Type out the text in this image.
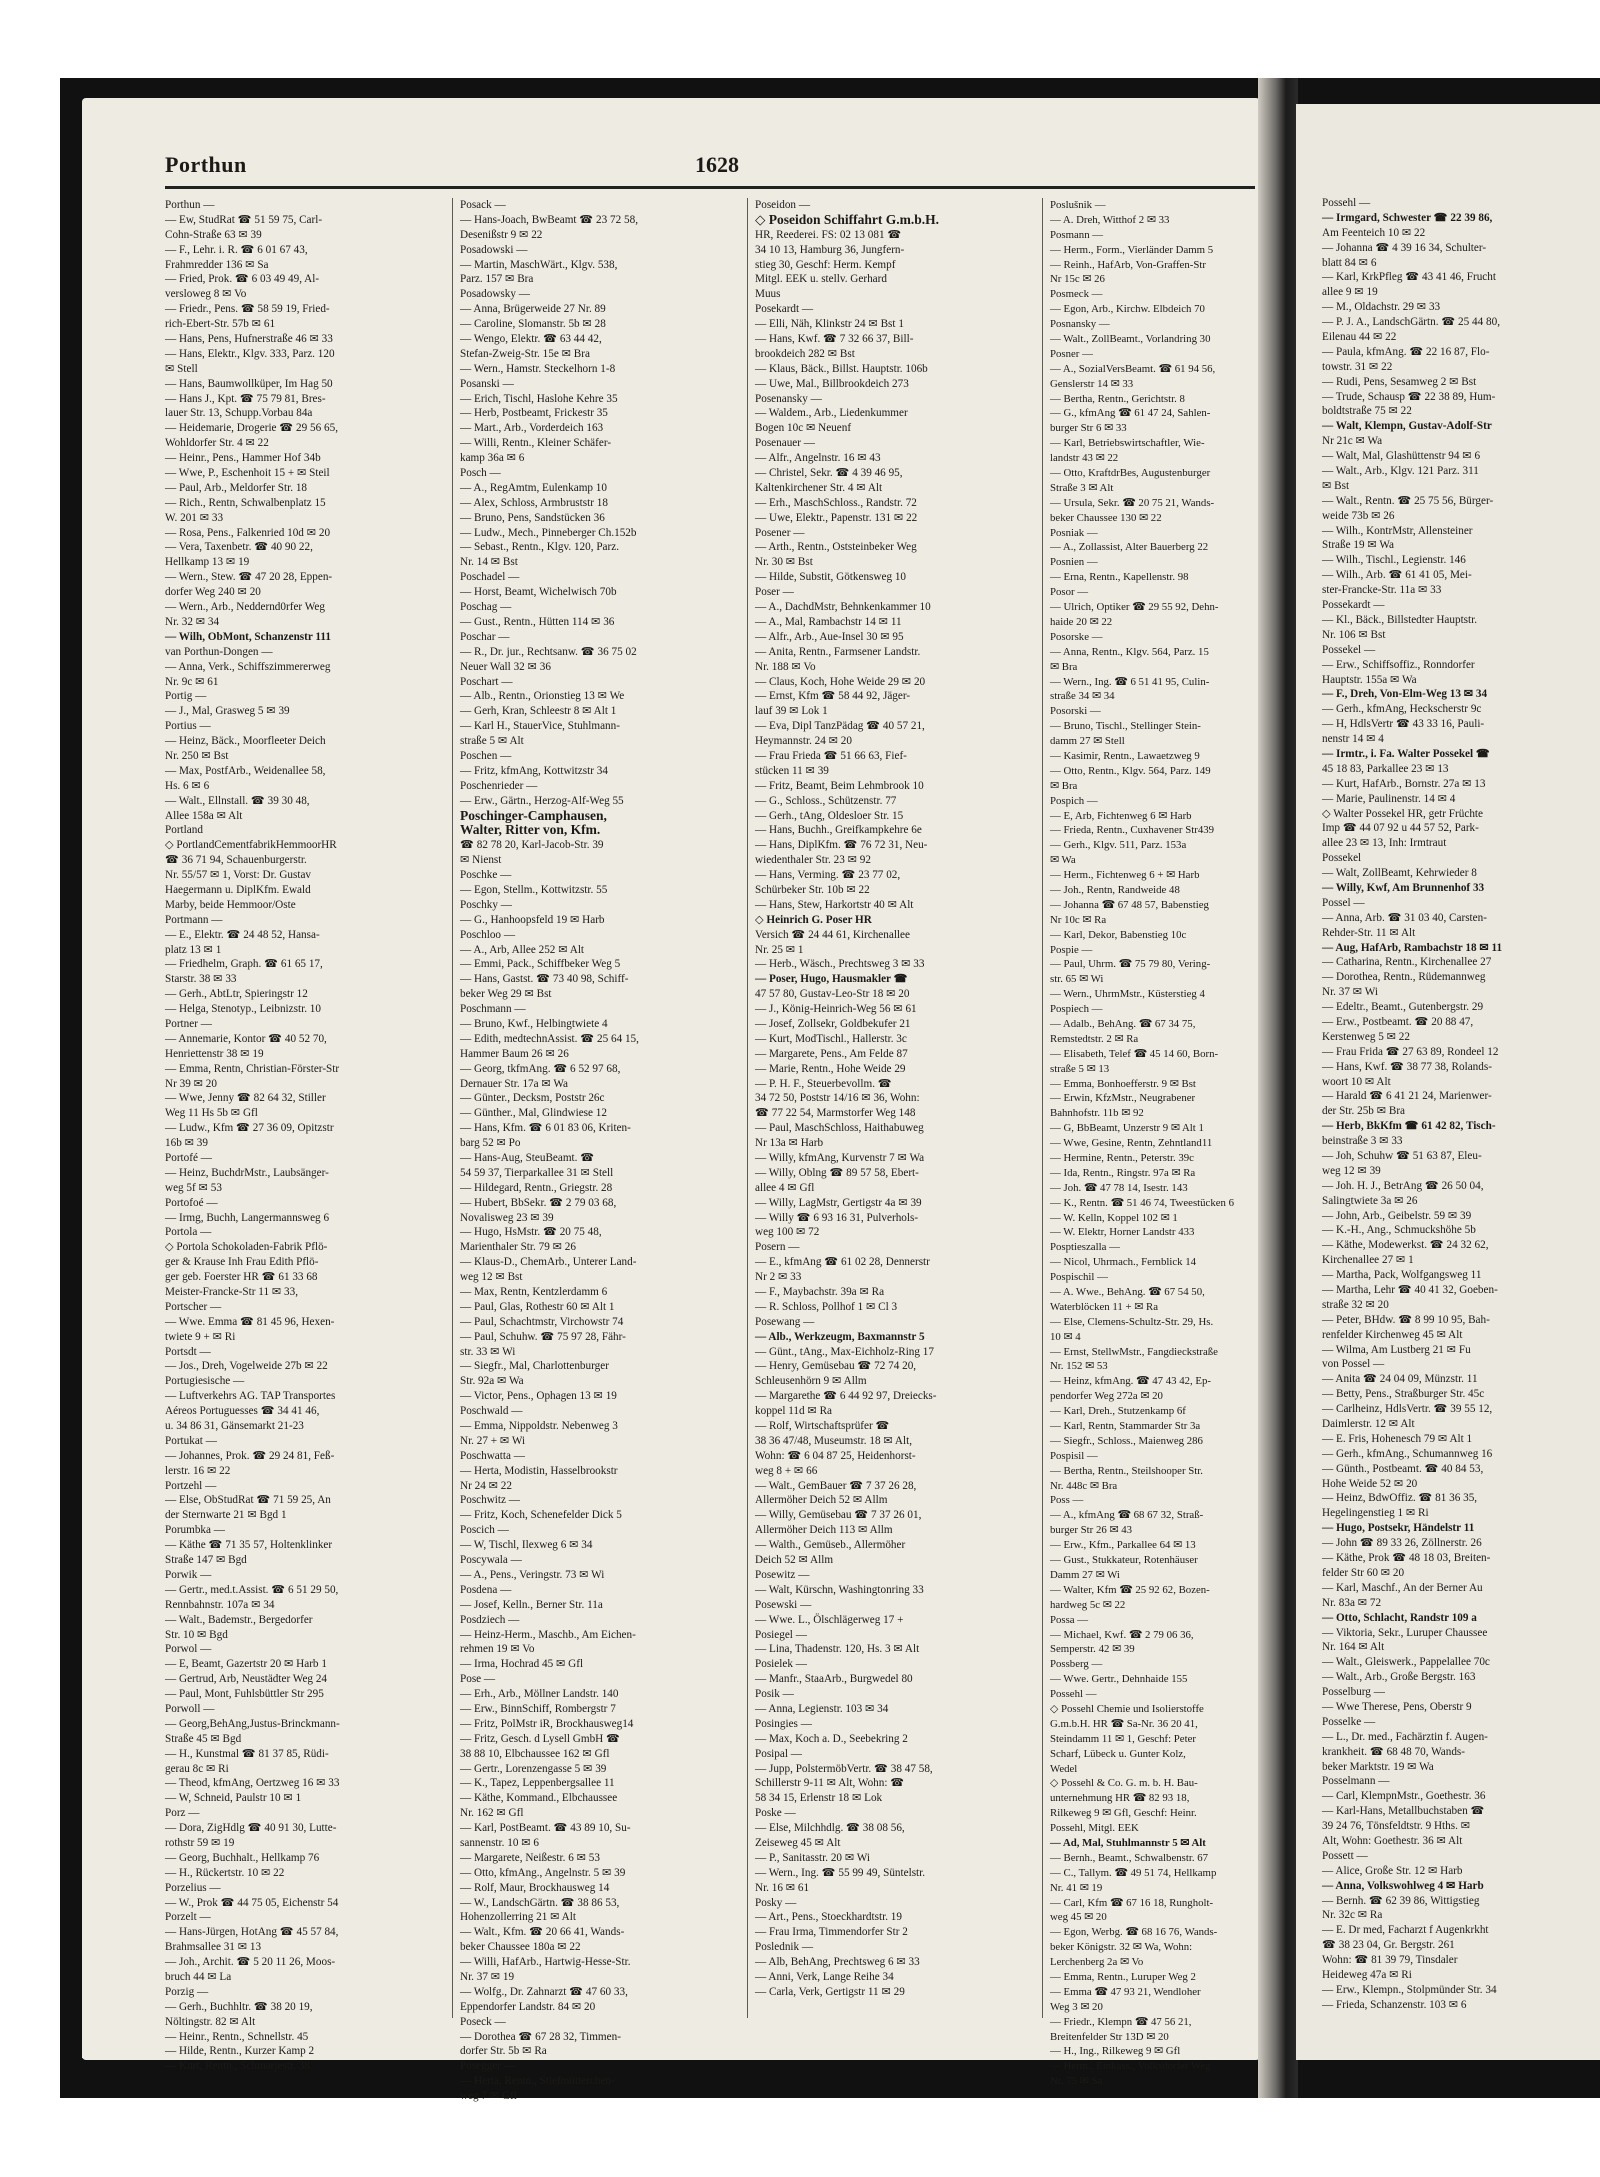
Porthun	1628
Porthun —
— Ew, StudRat ☎ 51 59 75, Carl-
Cohn-Straße 63 ✉ 39
— F., Lehr. i. R. ☎ 6 01 67 43,
Frahmredder 136 ✉ Sa
— Fried, Prok. ☎ 6 03 49 49, Al-
versloweg 8 ✉ Vo
— Friedr., Pens. ☎ 58 59 19, Fried-
rich-Ebert-Str. 57b ✉ 61
— Hans, Pens, Hufnerstraße 46 ✉ 33
— Hans, Elektr., Klgv. 333, Parz. 120
✉ Stell
— Hans, Baumwollküper, Im Hag 50
— Hans J., Kpt. ☎ 75 79 81, Bres-
lauer Str. 13, Schupp.Vorbau 84a
— Heidemarie, Drogerie ☎ 29 56 65,
Wohldorfer Str. 4 ✉ 22
— Heinr., Pens., Hammer Hof 34b
— Wwe, P., Eschenhoit 15 + ✉ Steil
— Paul, Arb., Meldorfer Str. 18
— Rich., Rentn, Schwalbenplatz 15
W. 201 ✉ 33
— Rosa, Pens., Falkenried 10d ✉ 20
— Vera, Taxenbetr. ☎ 40 90 22,
Hellkamp 13 ✉ 19
— Wern., Stew. ☎ 47 20 28, Eppen-
dorfer Weg 240 ✉ 20
— Wern., Arb., Neddernd0rfer Weg
Nr. 32 ✉ 34
— Wilh, ObMont, Schanzenstr 111
van Porthun-Dongen —
— Anna, Verk., Schiffszimmererweg
Nr. 9c ✉ 61
Portig —
— J., Mal, Grasweg 5 ✉ 39
Portius —
— Heinz, Bäck., Moorfleeter Deich
Nr. 250 ✉ Bst
— Max, PostfArb., Weidenallee 58,
Hs. 6 ✉ 6
— Walt., Ellnstall. ☎ 39 30 48,
Allee 158a ✉ Alt
Portland
◇ PortlandCementfabrikHemmoorHR
☎ 36 71 94, Schauenburgerstr.
Nr. 55/57 ✉ 1, Vorst: Dr. Gustav
Haegermann u. DiplKfm. Ewald
Marby, beide Hemmoor/Oste
Portmann —
— E., Elektr. ☎ 24 48 52, Hansa-
platz 13 ✉ 1
— Friedhelm, Graph. ☎ 61 65 17,
Starstr. 38 ✉ 33
— Gerh., AbtLtr, Spieringstr 12
— Helga, Stenotyp., Leibnizstr. 10
Portner —
— Annemarie, Kontor ☎ 40 52 70,
Henriettenstr 38 ✉ 19
— Emma, Rentn, Christian-Förster-Str
Nr 39 ✉ 20
— Wwe, Jenny ☎ 82 64 32, Stiller
Weg 11 Hs 5b ✉ Gfl
— Ludw., Kfm ☎ 27 36 09, Opitzstr
16b ✉ 39
Portofé —
— Heinz, BuchdrMstr., Laubsänger-
weg 5f ✉ 53
Portofoé —
— Irmg, Buchh, Langermannsweg 6
Portola —
◇ Portola Schokoladen-Fabrik Pflö-
ger & Krause Inh Frau Edith Pflö-
ger geb. Foerster HR ☎ 61 33 68
Meister-Francke-Str 11 ✉ 33,
Portscher —
— Wwe. Emma ☎ 81 45 96, Hexen-
twiete 9 + ✉ Ri
Portsdt —
— Jos., Dreh, Vogelweide 27b ✉ 22
Portugiesische —
— Luftverkehrs AG. TAP Transportes
Aéreos Portuguesses ☎ 34 41 46,
u. 34 86 31, Gänsemarkt 21-23
Portukat —
— Johannes, Prok. ☎ 29 24 81, Feß-
lerstr. 16 ✉ 22
Portzehl —
— Else, ObStudRat ☎ 71 59 25, An
der Sternwarte 21 ✉ Bgd 1
Porumbka —
— Käthe ☎ 71 35 57, Holtenklinker
Straße 147 ✉ Bgd
Porwik —
— Gertr., med.t.Assist. ☎ 6 51 29 50,
Rennbahnstr. 107a ✉ 34
— Walt., Bademstr., Bergedorfer
Str. 10 ✉ Bgd
Porwol —
— E, Beamt, Gazertstr 20 ✉ Harb 1
— Gertrud, Arb, Neustädter Weg 24
— Paul, Mont, Fuhlsbüttler Str 295
Porwoll —
— Georg,BehAng,Justus-Brinckmann-
Straße 45 ✉ Bgd
— H., Kunstmal ☎ 81 37 85, Rüdi-
gerau 8c ✉ Ri
— Theod, kfmAng, Oertzweg 16 ✉ 33
— W, Schneid, Paulstr 10 ✉ 1
Porz —
— Dora, ZigHdlg ☎ 40 91 30, Lutte-
rothstr 59 ✉ 19
— Georg, Buchhalt., Hellkamp 76
— H., Rückertstr. 10 ✉ 22
Porzelius —
— W., Prok ☎ 44 75 05, Eichenstr 54
Porzelt —
— Hans-Jürgen, HotAng ☎ 45 57 84,
Brahmsallee 31 ✉ 13
— Joh., Archit. ☎ 5 20 11 26, Moos-
bruch 44 ✉ La
Porzig —
— Gerh., Buchhltr. ☎ 38 20 19,
Nöltingstr. 82 ✉ Alt
— Heinr., Rentn., Schnellstr. 45
— Hilde, Rentn., Kurzer Kamp 2
— Kurt, Rentn., Schmarjestr. 38
Posack —
— Hans-Joach, BwBeamt ☎ 23 72 58,
Desenißstr 9 ✉ 22
Posadowski —
— Martin, MaschWärt., Klgv. 538,
Parz. 157 ✉ Bra
Posadowsky —
— Anna, Brügerweide 27 Nr. 89
— Caroline, Slomanstr. 5b ✉ 28
— Wengo, Elektr. ☎ 63 44 42,
Stefan-Zweig-Str. 15e ✉ Bra
— Wern., Hamstr. Steckelhorn 1-8
Posanski —
— Erich, Tischl, Haslohe Kehre 35
— Herb, Postbeamt, Frickestr 35
— Mart., Arb., Vorderdeich 163
— Willi, Rentn., Kleiner Schäfer-
kamp 36a ✉ 6
Posch —
— A., RegAmtm, Eulenkamp 10
— Alex, Schloss, Armbruststr 18
— Bruno, Pens, Sandstücken 36
— Ludw., Mech., Pinneberger Ch.152b
— Sebast., Rentn., Klgv. 120, Parz.
Nr. 14 ✉ Bst
Poschadel —
— Horst, Beamt, Wichelwisch 70b
Poschag —
— Gust., Rentn., Hütten 114 ✉ 36
Poschar —
— R., Dr. jur., Rechtsanw. ☎ 36 75 02
Neuer Wall 32 ✉ 36
Poschart —
— Alb., Rentn., Orionstieg 13 ✉ We
— Gerh, Kran, Schleestr 8 ✉ Alt 1
— Karl H., StauerVice, Stuhlmann-
straße 5 ✉ Alt
Poschen —
— Fritz, kfmAng, Kottwitzstr 34
Poschenrieder —
— Erw., Gärtn., Herzog-Alf-Weg 55
Poschinger-Camphausen,
Walter, Ritter von, Kfm.
☎ 82 78 20, Karl-Jacob-Str. 39
✉ Nienst
Poschke —
— Egon, Stellm., Kottwitzstr. 55
Poschky —
— G., Hanhoopsfeld 19 ✉ Harb
Poschloo —
— A., Arb, Allee 252 ✉ Alt
— Emmi, Pack., Schiffbeker Weg 5
— Hans, Gastst. ☎ 73 40 98, Schiff-
beker Weg 29 ✉ Bst
Poschmann —
— Bruno, Kwf., Helbingtwiete 4
— Edith, medtechnAssist. ☎ 25 64 15,
Hammer Baum 26 ✉ 26
— Georg, tkfmAng. ☎ 6 52 97 68,
Dernauer Str. 17a ✉ Wa
— Günter., Decksm, Poststr 26c
— Günther., Mal, Glindwiese 12
— Hans, Kfm. ☎ 6 01 83 06, Kriten-
barg 52 ✉ Po
— Hans-Aug, SteuBeamt. ☎
54 59 37, Tierparkallee 31 ✉ Stell
— Hildegard, Rentn., Griegstr. 28
— Hubert, BbSekr. ☎ 2 79 03 68,
Novalisweg 23 ✉ 39
— Hugo, HsMstr. ☎ 20 75 48,
Marienthaler Str. 79 ✉ 26
— Klaus-D., ChemArb., Unterer Land-
weg 12 ✉ Bst
— Max, Rentn, Kentzlerdamm 6
— Paul, Glas, Rothestr 60 ✉ Alt 1
— Paul, Schachtmstr, Virchowstr 74
— Paul, Schuhw. ☎ 75 97 28, Fähr-
str. 33 ✉ Wi
— Siegfr., Mal, Charlottenburger
Str. 92a ✉ Wa
— Victor, Pens., Ophagen 13 ✉ 19
Poschwald —
— Emma, Nippoldstr. Nebenweg 3
Nr. 27 + ✉ Wi
Poschwatta —
— Herta, Modistin, Hasselbrookstr
Nr 24 ✉ 22
Poschwitz —
— Fritz, Koch, Schenefelder Dick 5
Poscich —
— W, Tischl, Ilexweg 6 ✉ 34
Poscywala —
— A., Pens., Veringstr. 73 ✉ Wi
Posdena —
— Josef, Kelln., Berner Str. 11a
Posdziech —
— Heinz-Herm., Maschb., Am Eichen-
rehmen 19 ✉ Vo
— Irma, Hochrad 45 ✉ Gfl
Pose —
— Erh., Arb., Möllner Landstr. 140
— Erw., BinnSchiff, Rombergstr 7
— Fritz, PolMstr iR, Brockhausweg14
— Fritz, Gesch. d Lysell GmbH ☎
38 88 10, Elbchaussee 162 ✉ Gfl
— Gertr., Lorenzengasse 5 ✉ 39
— K., Tapez, Leppenbergsallee 11
— Käthe, Kommand., Elbchaussee
Nr. 162 ✉ Gfl
— Karl, PostBeamt. ☎ 43 89 10, Su-
sannenstr. 10 ✉ 6
— Margarete, Neißestr. 6 ✉ 53
— Otto, kfmAng., Angelnstr. 5 ✉ 39
— Rolf, Maur, Brockhausweg 14
— W., LandschGärtn. ☎ 38 86 53,
Hohenzollerring 21 ✉ Alt
— Walt., Kfm. ☎ 20 66 41, Wands-
beker Chaussee 180a ✉ 22
— Willi, HafArb., Hartwig-Hesse-Str.
Nr. 37 ✉ 19
— Wolfg., Dr. Zahnarzt ☎ 47 60 33,
Eppendorfer Landstr. 84 ✉ 20
Poseck —
— Dorothea ☎ 67 28 32, Timmen-
dorfer Str. 5b ✉ Ra
Posegger —
— Herta, Rentn., Stiefmütterchen-
weg 7 ✉ Gfl
Poseidon —
◇ Poseidon Schiffahrt G.m.b.H.
HR, Reederei. FS: 02 13 081 ☎
34 10 13, Hamburg 36, Jungfern-
stieg 30, Geschf: Herm. Kempf
Mitgl. EEK u. stellv. Gerhard
Muus
Posekardt —
— Elli, Näh, Klinkstr 24 ✉ Bst 1
— Hans, Kwf. ☎ 7 32 66 37, Bill-
brookdeich 282 ✉ Bst
— Klaus, Bäck., Billst. Hauptstr. 106b
— Uwe, Mal., Billbrookdeich 273
Posenansky —
— Waldem., Arb., Liedenkummer
Bogen 10c ✉ Neuenf
Posenauer —
— Alfr., Angelnstr. 16 ✉ 43
— Christel, Sekr. ☎ 4 39 46 95,
Kaltenkirchener Str. 4 ✉ Alt
— Erh., MaschSchloss., Randstr. 72
— Uwe, Elektr., Papenstr. 131 ✉ 22
Posener —
— Arth., Rentn., Oststeinbeker Weg
Nr. 30 ✉ Bst
— Hilde, Substit, Götkensweg 10
Poser —
— A., DachdMstr, Behnkenkammer 10
— A., Mal, Rambachstr 14 ✉ 11
— Alfr., Arb., Aue-Insel 30 ✉ 95
— Anita, Rentn., Farmsener Landstr.
Nr. 188 ✉ Vo
— Claus, Koch, Hohe Weide 29 ✉ 20
— Ernst, Kfm ☎ 58 44 92, Jäger-
lauf 39 ✉ Lok 1
— Eva, Dipl TanzPädag ☎ 40 57 21,
Heymannstr. 24 ✉ 20
— Frau Frieda ☎ 51 66 63, Fief-
stücken 11 ✉ 39
— Fritz, Beamt, Beim Lehmbrook 10
— G., Schloss., Schützenstr. 77
— Gerh., tAng, Oldesloer Str. 15
— Hans, Buchh., Greifkampkehre 6e
— Hans, DiplKfm. ☎ 76 72 31, Neu-
wiedenthaler Str. 23 ✉ 92
— Hans, Verming. ☎ 23 77 02,
Schürbeker Str. 10b ✉ 22
— Hans, Stew, Harkortstr 40 ✉ Alt
◇ Heinrich G. Poser HR
Versich ☎ 24 44 61, Kirchenallee
Nr. 25 ✉ 1
— Herb., Wäsch., Prechtsweg 3 ✉ 33
— Poser, Hugo, Hausmakler ☎
47 57 80, Gustav-Leo-Str 18 ✉ 20
— J., König-Heinrich-Weg 56 ✉ 61
— Josef, Zollsekr, Goldbekufer 21
— Kurt, ModTischl., Hallerstr. 3c
— Margarete, Pens., Am Felde 87
— Marie, Rentn., Hohe Weide 29
— P. H. F., Steuerbevollm. ☎
34 72 50, Poststr 14/16 ✉ 36, Wohn:
☎ 77 22 54, Marmstorfer Weg 148
— Paul, MaschSchloss, Haithabuweg
Nr 13a ✉ Harb
— Willy, kfmAng, Kurvenstr 7 ✉ Wa
— Willy, Oblng ☎ 89 57 58, Ebert-
allee 4 ✉ Gfl
— Willy, LagMstr, Gertigstr 4a ✉ 39
— Willy ☎ 6 93 16 31, Pulverhols-
weg 100 ✉ 72
Posern —
— E., kfmAng ☎ 61 02 28, Dennerstr
Nr 2 ✉ 33
— F., Maybachstr. 39a ✉ Ra
— R. Schloss, Pollhof 1 ✉ Cl 3
Posewang —
— Alb., Werkzeugm, Baxmannstr 5
— Günt., tAng., Max-Eichholz-Ring 17
— Henry, Gemüsebau ☎ 72 74 20,
Schleusenhörn 9 ✉ Allm
— Margarethe ☎ 6 44 92 97, Dreiecks-
koppel 11d ✉ Ra
— Rolf, Wirtschaftsprüfer ☎
38 36 47/48, Museumstr. 18 ✉ Alt,
Wohn: ☎ 6 04 87 25, Heidenhorst-
weg 8 + ✉ 66
— Walt., GemBauer ☎ 7 37 26 28,
Allermöher Deich 52 ✉ Allm
— Willy, Gemüsebau ☎ 7 37 26 01,
Allermöher Deich 113 ✉ Allm
— Walth., Gemüseb., Allermöher
Deich 52 ✉ Allm
Posewitz —
— Walt, Kürschn, Washingtonring 33
Posewski —
— Wwe. L., Ölschlägerweg 17 +
Posiegel —
— Lina, Thadenstr. 120, Hs. 3 ✉ Alt
Posielek —
— Manfr., StaaArb., Burgwedel 80
Posik —
— Anna, Legienstr. 103 ✉ 34
Posingies —
— Max, Koch a. D., Seebekring 2
Posipal —
— Jupp, PolstermöbVertr. ☎ 38 47 58,
Schillerstr 9-11 ✉ Alt, Wohn: ☎
58 34 15, Erlenstr 18 ✉ Lok
Poske —
— Else, Milchhdlg. ☎ 38 08 56,
Zeiseweg 45 ✉ Alt
— P., Sanitasstr. 20 ✉ Wi
— Wern., Ing. ☎ 55 99 49, Süntelstr.
Nr. 16 ✉ 61
Posky —
— Art., Pens., Stoeckhardtstr. 19
— Frau Irma, Timmendorfer Str 2
Poslednik —
— Alb, BehAng, Prechtsweg 6 ✉ 33
— Anni, Verk, Lange Reihe 34
— Carla, Verk, Gertigstr 11 ✉ 29
Poslušnik —
— A. Dreh, Witthof 2 ✉ 33
Posmann —
— Herm., Form., Vierländer Damm 5
— Reinh., HafArb, Von-Graffen-Str
Nr 15c ✉ 26
Posmeck —
— Egon, Arb., Kirchw. Elbdeich 70
Posnansky —
— Walt., ZollBeamt., Vorlandring 30
Posner —
— A., SozialVersBeamt. ☎ 61 94 56,
Genslerstr 14 ✉ 33
— Bertha, Rentn., Gerichtstr. 8
— G., kfmAng ☎ 61 47 24, Sahlen-
burger Str 6 ✉ 33
— Karl, Betriebswirtschaftler, Wie-
landstr 43 ✉ 22
— Otto, KraftdrBes, Augustenburger
Straße 3 ✉ Alt
— Ursula, Sekr. ☎ 20 75 21, Wands-
beker Chaussee 130 ✉ 22
Posniak —
— A., Zollassist, Alter Bauerberg 22
Posnien —
— Erna, Rentn., Kapellenstr. 98
Posor —
— Ulrich, Optiker ☎ 29 55 92, Dehn-
haide 20 ✉ 22
Posorske —
— Anna, Rentn., Klgv. 564, Parz. 15
✉ Bra
— Wern., Ing. ☎ 6 51 41 95, Culin-
straße 34 ✉ 34
Posorski —
— Bruno, Tischl., Stellinger Stein-
damm 27 ✉ Stell
— Kasimir, Rentn., Lawaetzweg 9
— Otto, Rentn., Klgv. 564, Parz. 149
✉ Bra
Pospich —
— E, Arb, Fichtenweg 6 ✉ Harb
— Frieda, Rentn., Cuxhavener Str439
— Gerh., Klgv. 511, Parz. 153a
✉ Wa
— Herm., Fichtenweg 6 + ✉ Harb
— Joh., Rentn, Randweide 48
— Johanna ☎ 67 48 57, Babenstieg
Nr 10c ✉ Ra
— Karl, Dekor, Babenstieg 10c
Pospie —
— Paul, Uhrm. ☎ 75 79 80, Vering-
str. 65 ✉ Wi
— Wern., UhrmMstr., Küsterstieg 4
Pospiech —
— Adalb., BehAng. ☎ 67 34 75,
Remstedtstr. 2 ✉ Ra
— Elisabeth, Telef ☎ 45 14 60, Born-
straße 5 ✉ 13
— Emma, Bonhoefferstr. 9 ✉ Bst
— Erwin, KfzMstr., Neugrabener
Bahnhofstr. 11b ✉ 92
— G, BbBeamt, Unzerstr 9 ✉ Alt 1
— Wwe, Gesine, Rentn, Zehntland11
— Hermine, Rentn., Peterstr. 39c
— Ida, Rentn., Ringstr. 97a ✉ Ra
— Joh. ☎ 47 78 14, Isestr. 143
— K., Rentn. ☎ 51 46 74, Tweestücken 6
— W. Kelln, Koppel 102 ✉ 1
— W. Elektr, Horner Landstr 433
Posptieszalla —
— Nicol, Uhrmach., Fernblick 14
Pospischil —
— A. Wwe., BehAng. ☎ 67 54 50,
Waterblöcken 11 + ✉ Ra
— Else, Clemens-Schultz-Str. 29, Hs.
10 ✉ 4
— Ernst, StellwMstr., Fangdieckstraße
Nr. 152 ✉ 53
— Heinz, kfmAng. ☎ 47 43 42, Ep-
pendorfer Weg 272a ✉ 20
— Karl, Dreh., Stutzenkamp 6f
— Karl, Rentn, Stammarder Str 3a
— Siegfr., Schloss., Maienweg 286
Pospisil —
— Bertha, Rentn., Steilshooper Str.
Nr. 448c ✉ Bra
Poss —
— A., kfmAng ☎ 68 67 32, Straß-
burger Str 26 ✉ 43
— Erw., Kfm., Parkallee 64 ✉ 13
— Gust., Stukkateur, Rotenhäuser
Damm 27 ✉ Wi
— Walter, Kfm ☎ 25 92 62, Bozen-
hardweg 5c ✉ 22
Possa —
— Michael, Kwf. ☎ 2 79 06 36,
Semperstr. 42 ✉ 39
Possberg —
— Wwe. Gertr., Dehnhaide 155
Possehl —
◇ Possehl Chemie und Isolierstoffe
G.m.b.H. HR ☎ Sa-Nr. 36 20 41,
Steindamm 11 ✉ 1, Geschf: Peter
Scharf, Lübeck u. Gunter Kolz,
Wedel
◇ Possehl & Co. G. m. b. H. Bau-
unternehmung HR ☎ 82 93 18,
Rilkeweg 9 ✉ Gfl, Geschf: Heinr.
Possehl, Mitgl. EEK
— Ad, Mal, Stuhlmannstr 5 ✉ Alt
— Bernh., Beamt., Schwalbenstr. 67
— C., Tallym. ☎ 49 51 74, Hellkamp
Nr. 41 ✉ 19
— Carl, Kfm ☎ 67 16 18, Rungholt-
weg 45 ✉ 20
— Egon, Werbg. ☎ 68 16 76, Wands-
beker Königstr. 32 ✉ Wa, Wohn:
Lerchenberg 2a ✉ Vo
— Emma, Rentn., Luruper Weg 2
— Emma ☎ 47 93 21, Wendloher
Weg 3 ✉ 20
— Friedr., Klempn ☎ 47 56 21,
Breitenfelder Str 13D ✉ 20
— H., Ing., Rilkeweg 9 ✉ Gfl
— Herm., Einkass., Volksdorfer Weg
Nr. 75 ✉ Sa
Possehl —
— Irmgard, Schwester ☎ 22 39 86,
Am Feenteich 10 ✉ 22
— Johanna ☎ 4 39 16 34, Schulter-
blatt 84 ✉ 6
— Karl, KrkPfleg ☎ 43 41 46, Frucht
allee 9 ✉ 19
— M., Oldachstr. 29 ✉ 33
— P. J. A., LandschGärtn. ☎ 25 44 80,
Eilenau 44 ✉ 22
— Paula, kfmAng. ☎ 22 16 87, Flo-
towstr. 31 ✉ 22
— Rudi, Pens, Sesamweg 2 ✉ Bst
— Trude, Schausp ☎ 22 38 89, Hum-
boldtstraße 75 ✉ 22
— Walt, Klempn, Gustav-Adolf-Str
Nr 21c ✉ Wa
— Walt, Mal, Glashüttenstr 94 ✉ 6
— Walt., Arb., Klgv. 121 Parz. 311
✉ Bst
— Walt., Rentn. ☎ 25 75 56, Bürger-
weide 73b ✉ 26
— Wilh., KontrMstr, Allensteiner
Straße 19 ✉ Wa
— Wilh., Tischl., Legienstr. 146
— Wilh., Arb. ☎ 61 41 05, Mei-
ster-Francke-Str. 11a ✉ 33
Possekardt —
— Kl., Bäck., Billstedter Hauptstr.
Nr. 106 ✉ Bst
Possekel —
— Erw., Schiffsoffiz., Ronndorfer
Hauptstr. 155a ✉ Wa
— F., Dreh, Von-Elm-Weg 13 ✉ 34
— Gerh., kfmAng, Heckscherstr 9c
— H, HdlsVertr ☎ 43 33 16, Pauli-
nenstr 14 ✉ 4
— Irmtr., i. Fa. Walter Possekel ☎
45 18 83, Parkallee 23 ✉ 13
— Kurt, HafArb., Bornstr. 27a ✉ 13
— Marie, Paulinenstr. 14 ✉ 4
◇ Walter Possekel HR, getr Früchte
Imp ☎ 44 07 92 u 44 57 52, Park-
allee 23 ✉ 13, Inh: Irmtraut
Possekel
— Walt, ZollBeamt, Kehrwieder 8
— Willy, Kwf, Am Brunnenhof 33
Possel —
— Anna, Arb. ☎ 31 03 40, Carsten-
Rehder-Str. 11 ✉ Alt
— Aug, HafArb, Rambachstr 18 ✉ 11
— Catharina, Rentn., Kirchenallee 27
— Dorothea, Rentn., Rüdemannweg
Nr. 37 ✉ Wi
— Edeltr., Beamt., Gutenbergstr. 29
— Erw., Postbeamt. ☎ 20 88 47,
Kerstenweg 5 ✉ 22
— Frau Frida ☎ 27 63 89, Rondeel 12
— Hans, Kwf. ☎ 38 77 38, Rolands-
woort 10 ✉ Alt
— Harald ☎ 6 41 21 24, Marienwer-
der Str. 25b ✉ Bra
— Herb, BkKfm ☎ 61 42 82, Tisch-
beinstraße 3 ✉ 33
— Joh, Schuhw ☎ 51 63 87, Eleu-
weg 12 ✉ 39
— Joh. H. J., BetrAng ☎ 26 50 04,
Salingtwiete 3a ✉ 26
— John, Arb., Geibelstr. 59 ✉ 39
— K.-H., Ang., Schmuckshöhe 5b
— Käthe, Modewerkst. ☎ 24 32 62,
Kirchenallee 27 ✉ 1
— Martha, Pack, Wolfgangsweg 11
— Martha, Lehr ☎ 40 41 32, Goeben-
straße 32 ✉ 20
— Peter, BHdw. ☎ 8 99 10 95, Bah-
renfelder Kirchenweg 45 ✉ Alt
— Wilma, Am Lustberg 21 ✉ Fu
von Possel —
— Anita ☎ 24 04 09, Münzstr. 11
— Betty, Pens., Straßburger Str. 45c
— Carlheinz, HdlsVertr. ☎ 39 55 12,
Daimlerstr. 12 ✉ Alt
— E. Fris, Hohenesch 79 ✉ Alt 1
— Gerh., kfmAng., Schumannweg 16
— Günth., Postbeamt. ☎ 40 84 53,
Hohe Weide 52 ✉ 20
— Heinz, BdwOffiz. ☎ 81 36 35,
Hegelingenstieg 1 ✉ Ri
— Hugo, Postsekr, Händelstr 11
— John ☎ 89 33 26, Zöllnerstr. 26
— Käthe, Prok ☎ 48 18 03, Breiten-
felder Str 60 ✉ 20
— Karl, Maschf., An der Berner Au
Nr. 83a ✉ 72
— Otto, Schlacht, Randstr 109 a
— Viktoria, Sekr., Luruper Chaussee
Nr. 164 ✉ Alt
— Walt., Gleiswerk., Pappelallee 70c
— Walt., Arb., Große Bergstr. 163
Posselburg —
— Wwe Therese, Pens, Oberstr 9
Posselke —
— L., Dr. med., Fachärztin f. Augen-
krankheit. ☎ 68 48 70, Wands-
beker Marktstr. 19 ✉ Wa
Posselmann —
— Carl, KlempnMstr., Goethestr. 36
— Karl-Hans, Metallbuchstaben ☎
39 24 76, Tönsfeldtstr. 9 Hths. ✉
Alt, Wohn: Goethestr. 36 ✉ Alt
Possett —
— Alice, Große Str. 12 ✉ Harb
— Anna, Volkswohlweg 4 ✉ Harb
— Bernh. ☎ 62 39 86, Wittigstieg
Nr. 32c ✉ Ra
— E. Dr med, Facharzt f Augenkrkht
☎ 38 23 04, Gr. Bergstr. 261
Wohn: ☎ 81 39 79, Tinsdaler
Heideweg 47a ✉ Ri
— Erw., Klempn., Stolpmünder Str. 34
— Frieda, Schanzenstr. 103 ✉ 6
